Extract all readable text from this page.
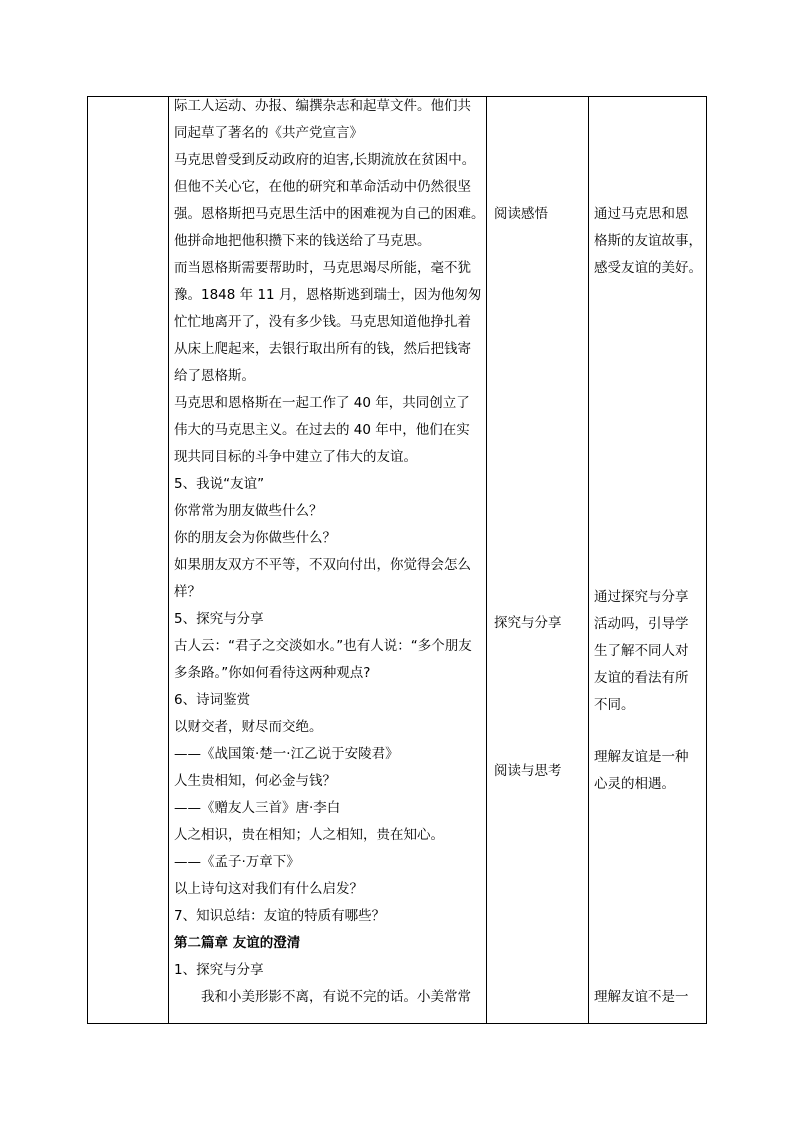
际工人运动、办报、编撰杂志和起草文件。他们共
同起草了著名的《共产党宣言》
马克思曾受到反动政府的迫害,长期流放在贫困中。
但他不关心它，在他的研究和革命活动中仍然很坚
强。恩格斯把马克思生活中的困难视为自己的困难。
他拼命地把他积攒下来的钱送给了马克思。
而当恩格斯需要帮助时，马克思竭尽所能，毫不犹
豫。1848 年 11 月，恩格斯逃到瑞士，因为他匆匆
忙忙地离开了，没有多少钱。马克思知道他挣扎着
从床上爬起来，去银行取出所有的钱，然后把钱寄
给了恩格斯。
马克思和恩格斯在一起工作了 40 年，共同创立了
伟大的马克思主义。在过去的 40 年中，他们在实
现共同目标的斗争中建立了伟大的友谊。
5、我说“友谊”
你常常为朋友做些什么？
你的朋友会为你做些什么？
如果朋友双方不平等，不双向付出，你觉得会怎么
样？
5、探究与分享
古人云：“君子之交淡如水。”也有人说：“多个朋友
多条路。”你如何看待这两种观点?
6、诗词鉴赏
以财交者，财尽而交绝。
——《战国策·楚一·江乙说于安陵君》
人生贵相知，何必金与钱？
——《赠友人三首》唐·李白
人之相识，贵在相知；人之相知，贵在知心。
——《孟子·万章下》
以上诗句这对我们有什么启发？
7、知识总结：友谊的特质有哪些？
第二篇章 友谊的澄清
1、探究与分享
我和小美形影不离，有说不完的话。小美常常
阅读感悟
探究与分享
阅读与思考
通过马克思和恩
格斯的友谊故事，
感受友谊的美好。
通过探究与分享
活动吗，引导学
生了解不同人对
友谊的看法有所
不同。
理解友谊是一种
心灵的相遇。
理解友谊不是一
